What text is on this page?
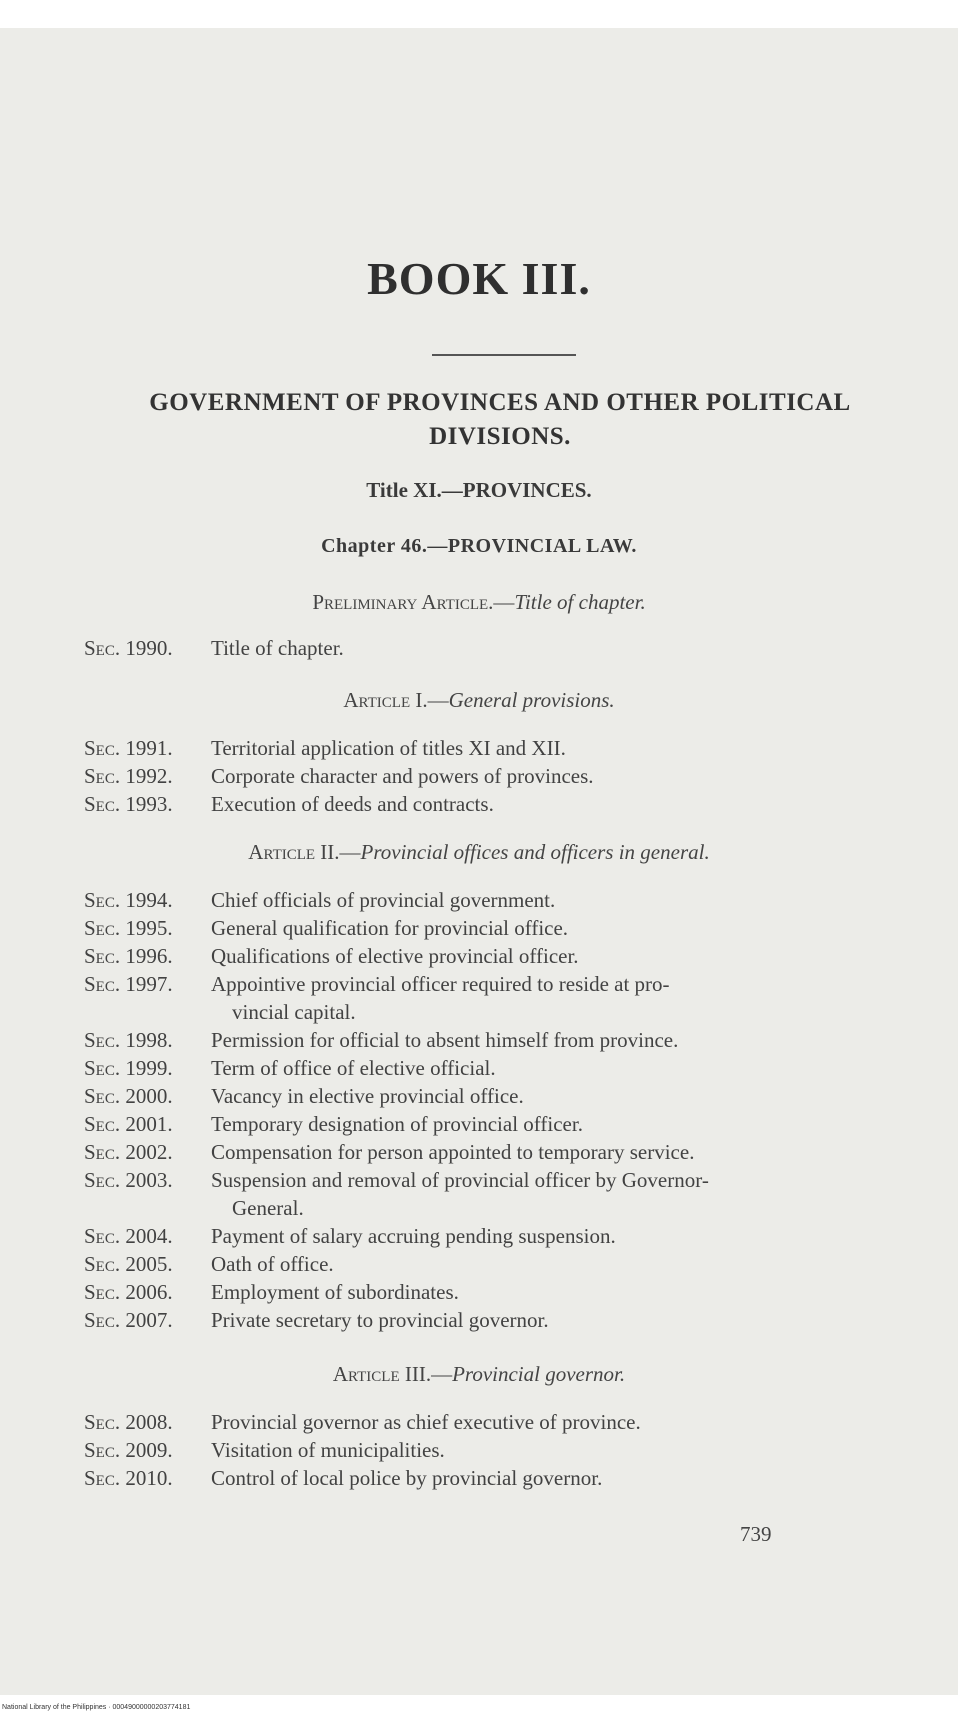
BOOK III.
GOVERNMENT OF PROVINCES AND OTHER POLITICAL
DIVISIONS.

Title XI.—PROVINCES.

Chapter 46.—PROVINCIAL LAW.

Preliminary Article.—Title of chapter.

Sec. 1990. Title of chapter.

Article I.—General provisions.

Sec. 1991. Territorial application of titles XI and XII.

Sec. 1992. Corporate character and powers of provinces.

Sec. 1993. Execution of deeds and contracts.

Article II.—Provincial offices and officers in general.

Sec. 1994. Chief officials of provincial government.

Sec. 1995. General qualification for provincial office.

Sec. 1996. Qualifications of elective provincial officer.

Sec. 1997. Appointive provincial officer required to reside at pro-

vincial capital.

Sec. 1998. Permission for official to absent himself from province.

Sec. 1999. Term of office of elective official.

Sec. 2000. Vacancy in elective provincial office.

Sec. 2001. Temporary designation of provincial officer.

Sec. 2002. Compensation for person appointed to temporary service.

Sec. 2003. Suspension and removal of provincial officer by Governor-

General.

Sec. 2004. Payment of salary accruing pending suspension.

Sec. 2005. Oath of office.

Sec. 2006. Employment of subordinates.

Sec. 2007. Private secretary to provincial governor.

Article III.—Provincial governor.

Sec. 2008. Provincial governor as chief executive of province.

Sec. 2009. Visitation of municipalities.

Sec. 2010. Control of local police by provincial governor.

739
National Library of the Philippines · 00049000000203774181
